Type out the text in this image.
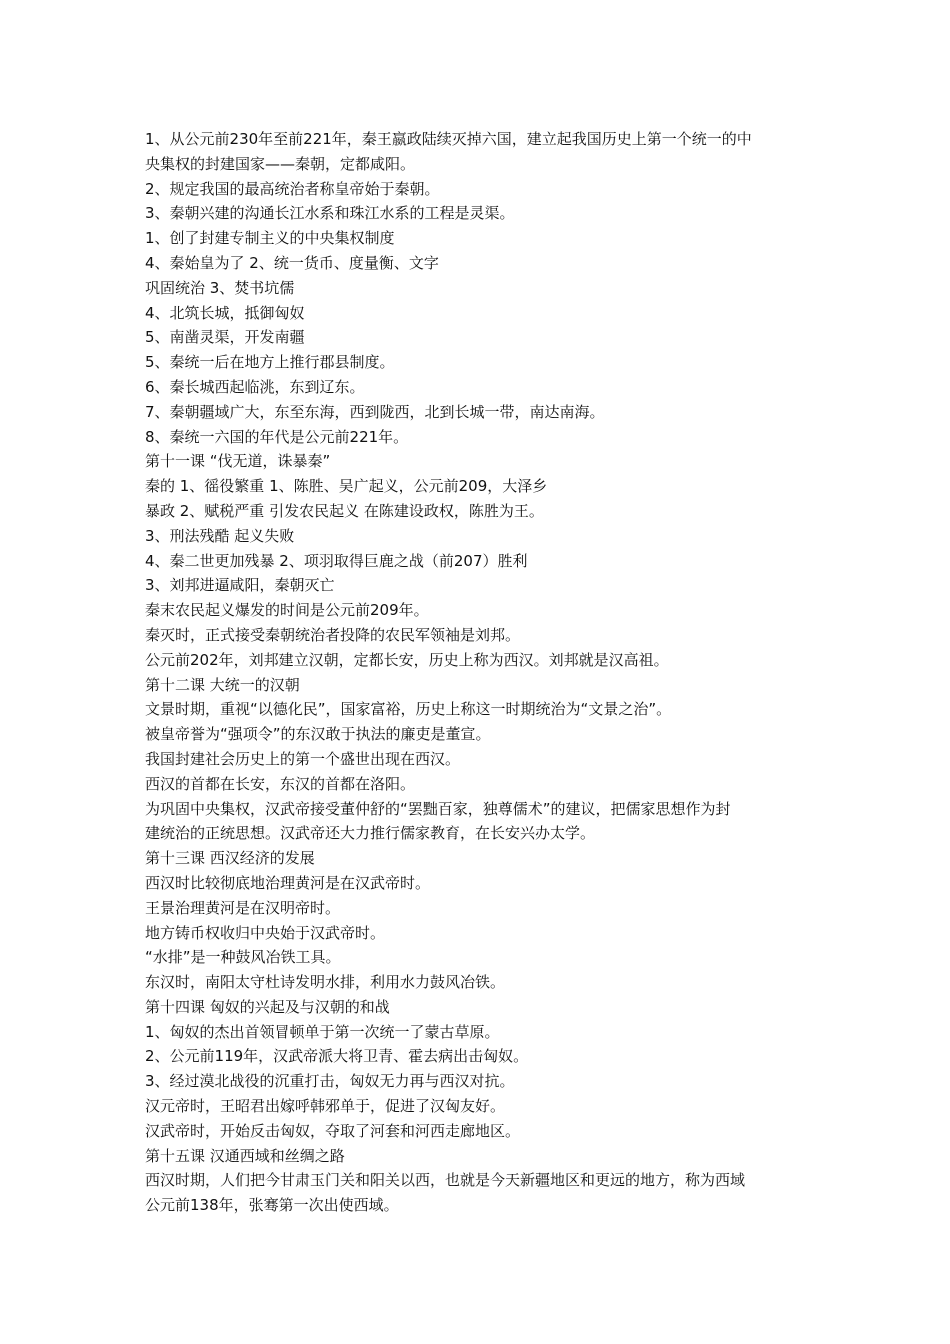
1、从公元前230年至前221年，秦王嬴政陆续灭掉六国，建立起我国历史上第一个统一的中
央集权的封建国家——秦朝，定都咸阳。
2、规定我国的最高统治者称皇帝始于秦朝。
3、秦朝兴建的沟通长江水系和珠江水系的工程是灵渠。
1、创了封建专制主义的中央集权制度
4、秦始皇为了 2、统一货币、度量衡、文字
巩固统治 3、焚书坑儒
4、北筑长城，抵御匈奴
5、南凿灵渠，开发南疆
5、秦统一后在地方上推行郡县制度。
6、秦长城西起临洮，东到辽东。
7、秦朝疆域广大，东至东海，西到陇西，北到长城一带，南达南海。
8、秦统一六国的年代是公元前221年。
第十一课 “伐无道，诛暴秦”
秦的 1、徭役繁重 1、陈胜、吴广起义，公元前209，大泽乡
暴政 2、赋税严重 引发农民起义 在陈建设政权，陈胜为王。
3、刑法残酷 起义失败
4、秦二世更加残暴 2、项羽取得巨鹿之战（前207）胜利
3、刘邦进逼咸阳，秦朝灭亡
秦末农民起义爆发的时间是公元前209年。
秦灭时，正式接受秦朝统治者投降的农民军领袖是刘邦。
公元前202年，刘邦建立汉朝，定都长安，历史上称为西汉。刘邦就是汉高祖。
第十二课 大统一的汉朝
文景时期，重视“以德化民”，国家富裕，历史上称这一时期统治为“文景之治”。
被皇帝誉为“强项令”的东汉敢于执法的廉吏是董宣。
我国封建社会历史上的第一个盛世出现在西汉。
西汉的首都在长安，东汉的首都在洛阳。
为巩固中央集权，汉武帝接受董仲舒的“罢黜百家，独尊儒术”的建议，把儒家思想作为封
建统治的正统思想。汉武帝还大力推行儒家教育，在长安兴办太学。
第十三课 西汉经济的发展
西汉时比较彻底地治理黄河是在汉武帝时。
王景治理黄河是在汉明帝时。
地方铸币权收归中央始于汉武帝时。
“水排”是一种鼓风冶铁工具。
东汉时，南阳太守杜诗发明水排，利用水力鼓风冶铁。
第十四课 匈奴的兴起及与汉朝的和战
1、匈奴的杰出首领冒顿单于第一次统一了蒙古草原。
2、公元前119年，汉武帝派大将卫青、霍去病出击匈奴。
3、经过漠北战役的沉重打击，匈奴无力再与西汉对抗。
汉元帝时，王昭君出嫁呼韩邪单于，促进了汉匈友好。
汉武帝时，开始反击匈奴，夺取了河套和河西走廊地区。
第十五课 汉通西域和丝绸之路
西汉时期，人们把今甘肃玉门关和阳关以西，也就是今天新疆地区和更远的地方，称为西域
公元前138年，张骞第一次出使西域。
